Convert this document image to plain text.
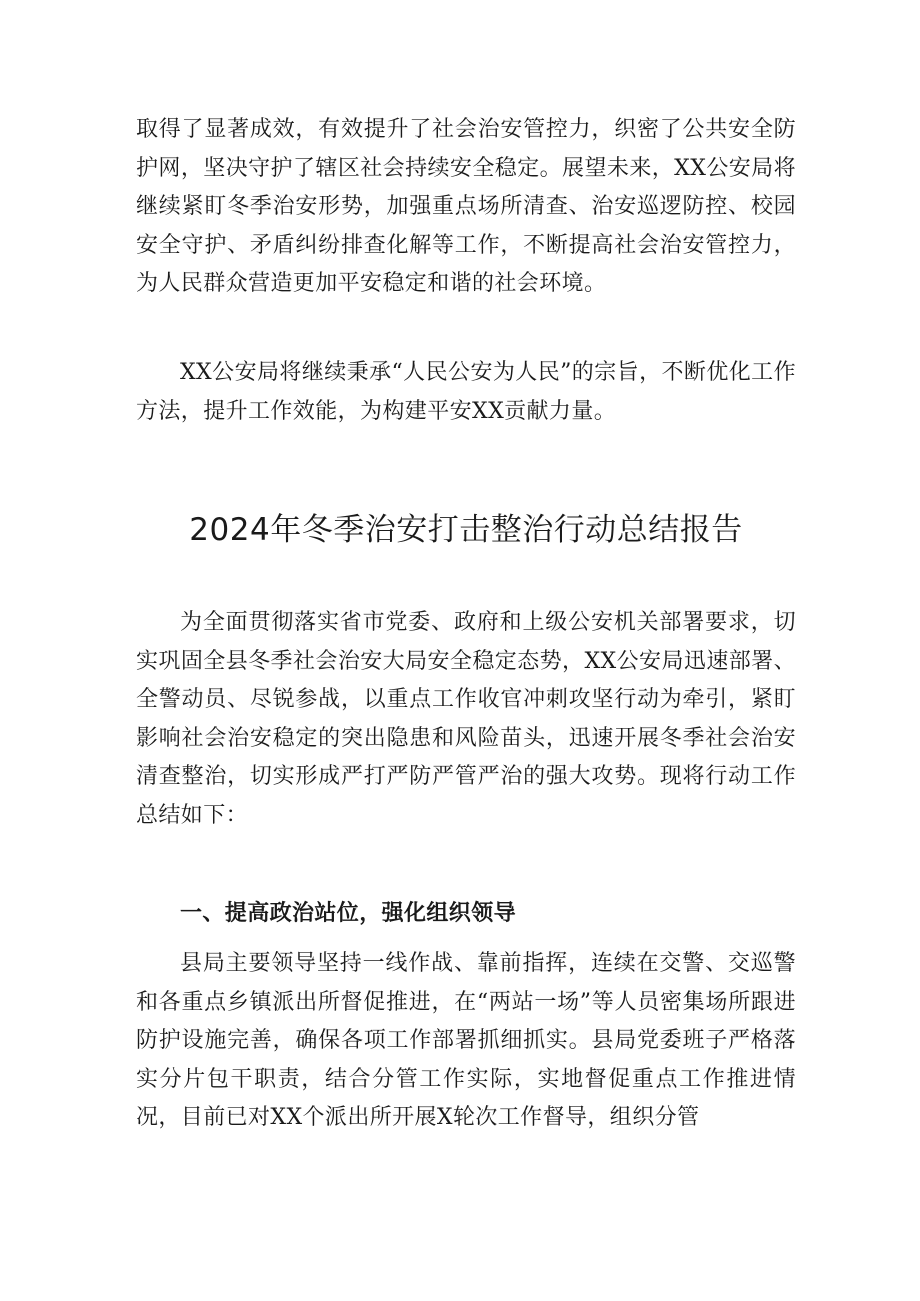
取得了显著成效，有效提升了社会治安管控力，织密了公共安全防护网，坚决守护了辖区社会持续安全稳定。展望未来，XX公安局将继续紧盯冬季治安形势，加强重点场所清查、治安巡逻防控、校园安全守护、矛盾纠纷排查化解等工作，不断提高社会治安管控力，为人民群众营造更加平安稳定和谐的社会环境。

XX公安局将继续秉承“人民公安为人民”的宗旨，不断优化工作方法，提升工作效能，为构建平安XX贡献力量。

2024年冬季治安打击整治行动总结报告

为全面贯彻落实省市党委、政府和上级公安机关部署要求，切实巩固全县冬季社会治安大局安全稳定态势，XX公安局迅速部署、全警动员、尽锐参战，以重点工作收官冲刺攻坚行动为牵引，紧盯影响社会治安稳定的突出隐患和风险苗头，迅速开展冬季社会治安清查整治，切实形成严打严防严管严治的强大攻势。现将行动工作总结如下：

一、提高政治站位，强化组织领导

县局主要领导坚持一线作战、靠前指挥，连续在交警、交巡警和各重点乡镇派出所督促推进，在“两站一场”等人员密集场所跟进防护设施完善，确保各项工作部署抓细抓实。县局党委班子严格落实分片包干职责，结合分管工作实际，实地督促重点工作推进情况，目前已对XX个派出所开展X轮次工作督导，组织分管
